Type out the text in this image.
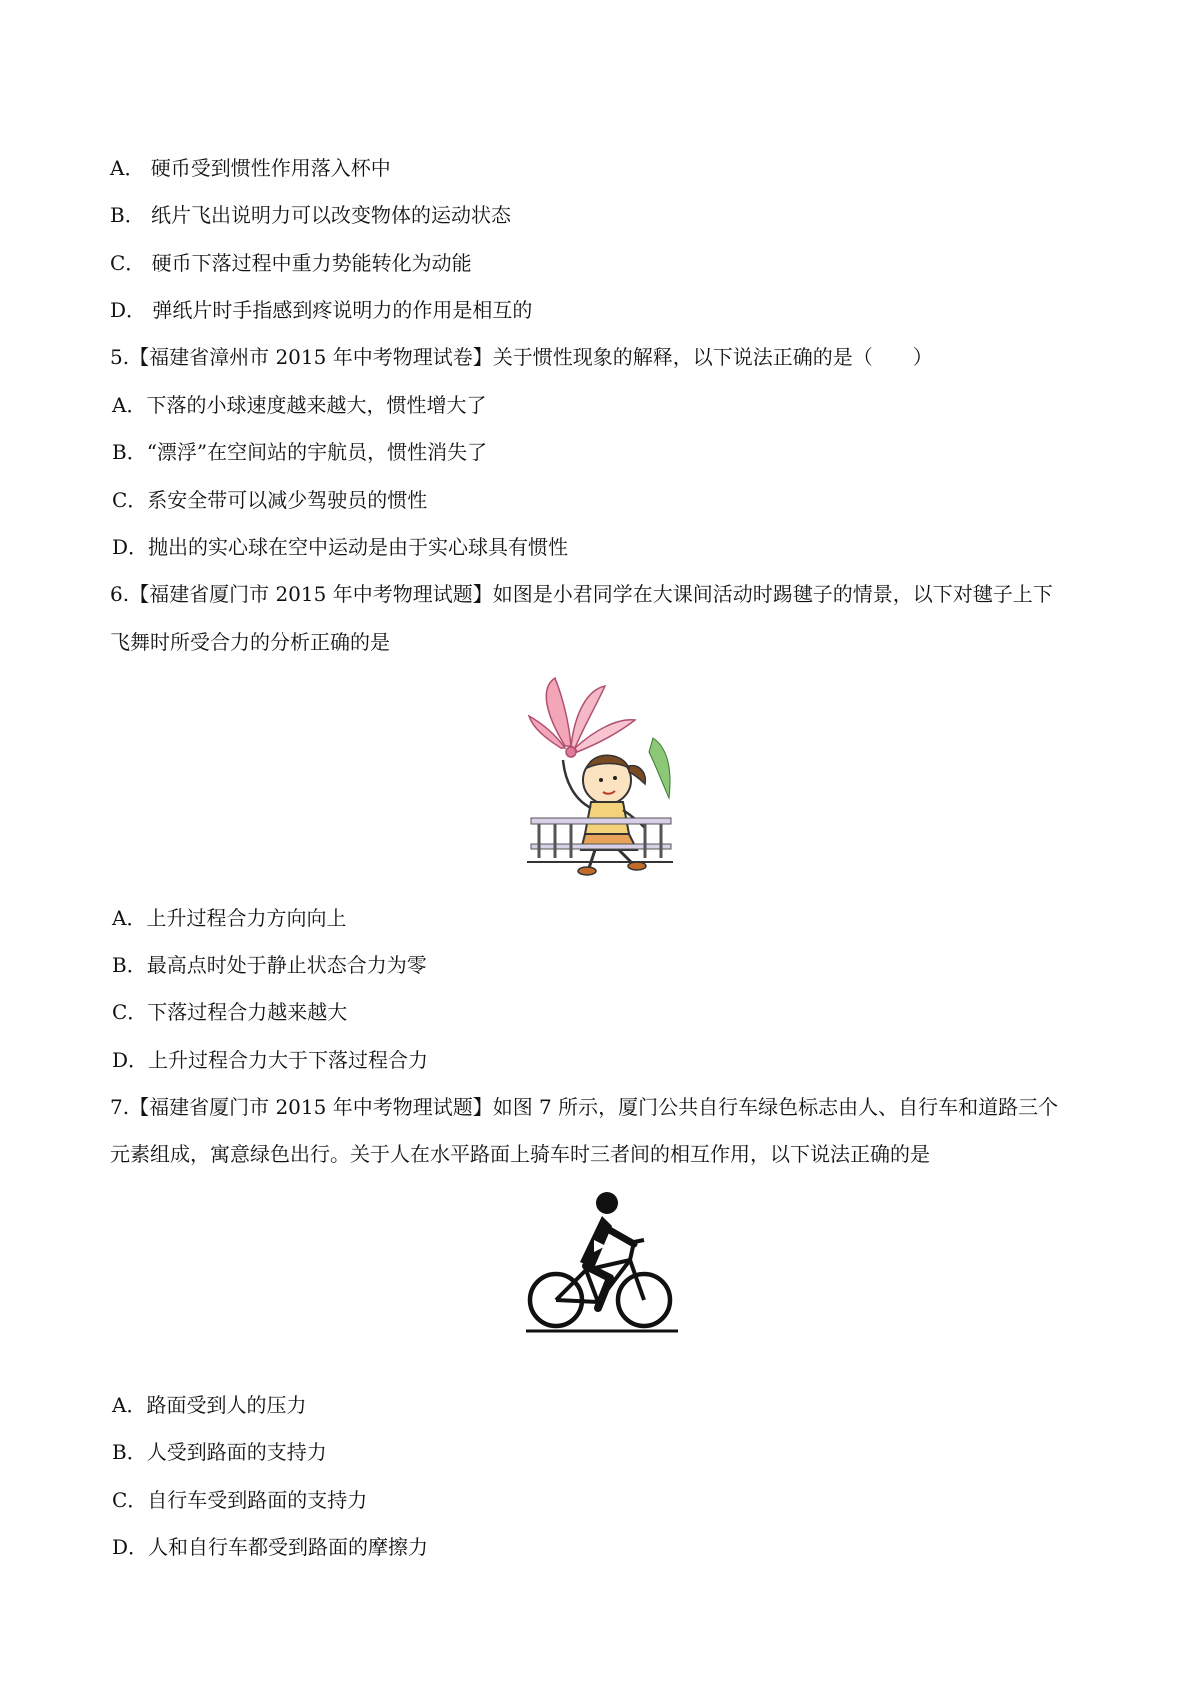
A． 硬币受到惯性作用落入杯中
B． 纸片飞出说明力可以改变物体的运动状态
C． 硬币下落过程中重力势能转化为动能
D． 弹纸片时手指感到疼说明力的作用是相互的
5.【福建省漳州市 2015 年中考物理试卷】关于惯性现象的解释，以下说法正确的是（　　）
A．下落的小球速度越来越大，惯性增大了
B．“漂浮”在空间站的宇航员，惯性消失了
C．系安全带可以减少驾驶员的惯性
D．抛出的实心球在空中运动是由于实心球具有惯性
6.【福建省厦门市 2015 年中考物理试题】如图是小君同学在大课间活动时踢毽子的情景，以下对毽子上下
飞舞时所受合力的分析正确的是
A．上升过程合力方向向上
B．最高点时处于静止状态合力为零
C．下落过程合力越来越大
D．上升过程合力大于下落过程合力
7.【福建省厦门市 2015 年中考物理试题】如图 7 所示，厦门公共自行车绿色标志由人、自行车和道路三个
元素组成，寓意绿色出行。关于人在水平路面上骑车时三者间的相互作用，以下说法正确的是
A．路面受到人的压力
B．人受到路面的支持力
C．自行车受到路面的支持力
D．人和自行车都受到路面的摩擦力
